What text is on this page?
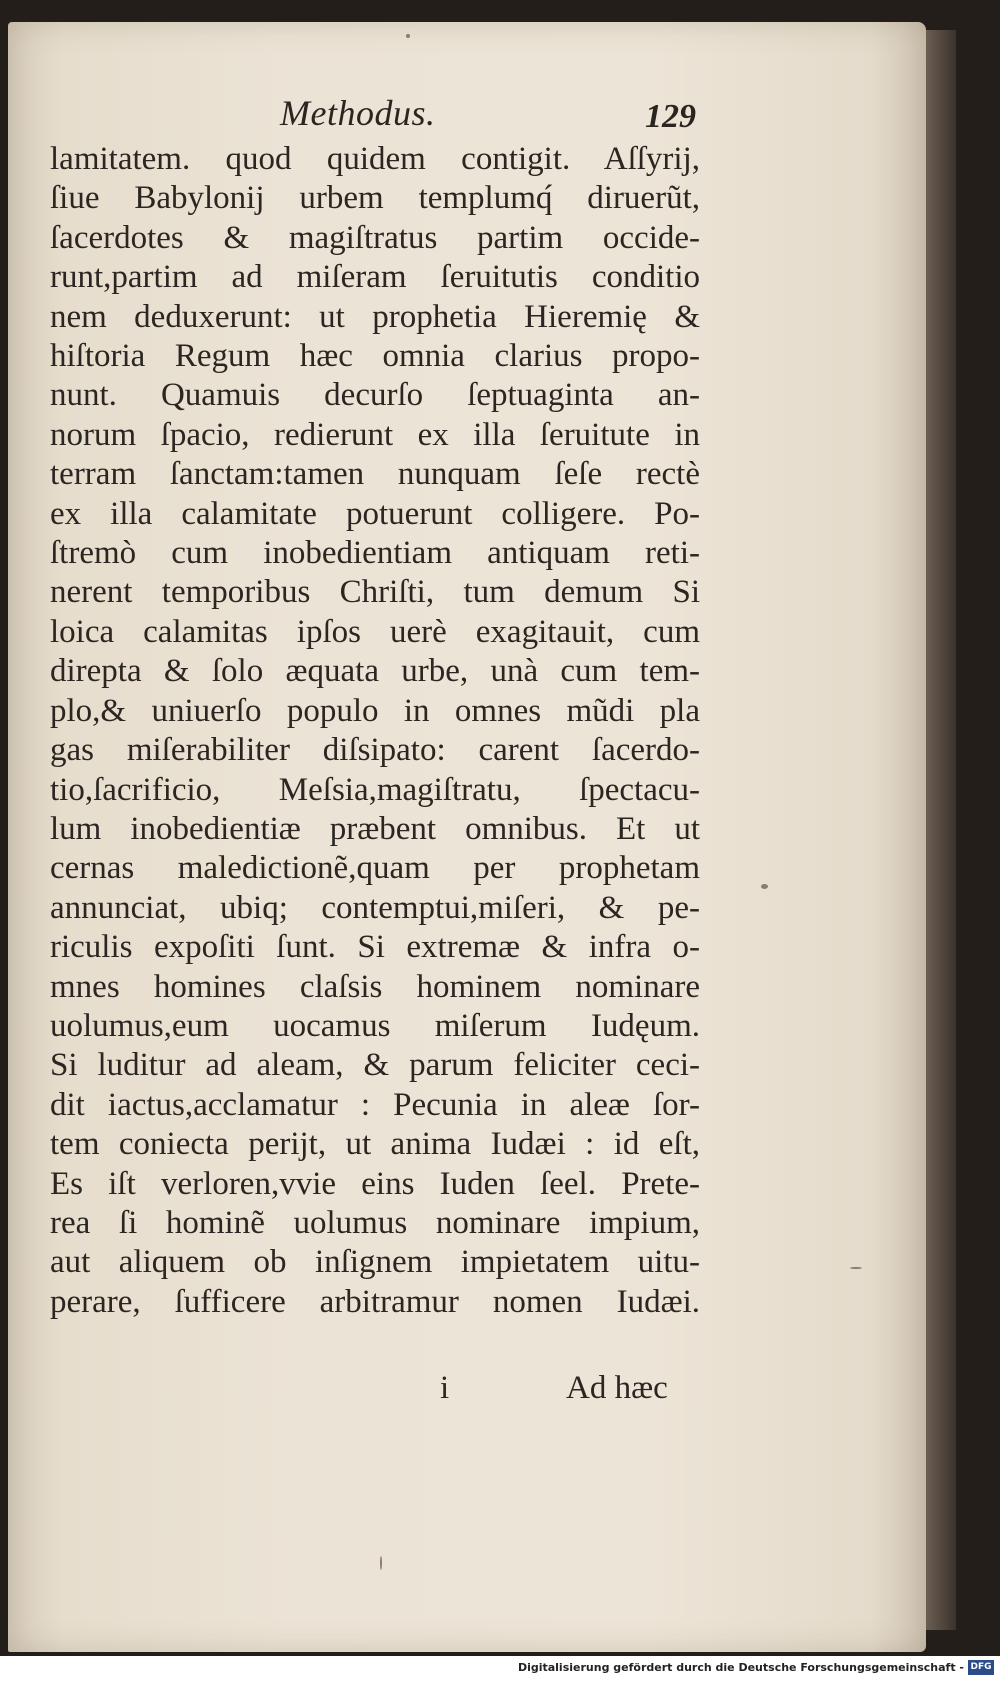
Methodus.	129
lamitatem. quod quidem contigit. Aſſyrij,
ſiue Babylonij urbem templumq́ diruerũt,
ſacerdotes & magiſtratus partim occide-
runt,partim ad miſeram ſeruitutis conditio
nem deduxerunt: ut prophetia Hieremię &
hiſtoria Regum hæc omnia clarius propo-
nunt. Quamuis decurſo ſeptuaginta an-
norum ſpacio, redierunt ex illa ſeruitute in
terram ſanctam:tamen nunquam ſeſe rectè
ex illa calamitate potuerunt colligere. Po-
ſtremò cum inobedientiam antiquam reti-
nerent temporibus Chriſti, tum demum Si
loica calamitas ipſos uerè exagitauit, cum
direpta & ſolo æquata urbe, unà cum tem-
plo,& uniuerſo populo in omnes mũdi pla
gas miſerabiliter diſsipato: carent ſacerdo-
tio,ſacrificio, Meſsia,magiſtratu, ſpectacu-
lum inobedientiæ præbent omnibus. Et ut
cernas maledictionẽ,quam per prophetam
annunciat, ubiq; contemptui,miſeri, & pe-
riculis expoſiti ſunt. Si extremæ & infra o-
mnes homines claſsis hominem nominare
uolumus,eum uocamus miſerum Iudęum.
Si luditur ad aleam, & parum feliciter ceci-
dit iactus,acclamatur : Pecunia in aleæ ſor-
tem coniecta perijt, ut anima Iudæi : id eſt,
Es iſt verloren,vvie eins Iuden ſeel. Prete-
rea ſi hominẽ uolumus nominare impium,
aut aliquem ob inſignem impietatem uitu-
perare, ſufficere arbitramur nomen Iudæi.
i	Ad hæc
Digitalisierung gefördert durch die Deutsche Forschungsgemeinschaft - DFG
